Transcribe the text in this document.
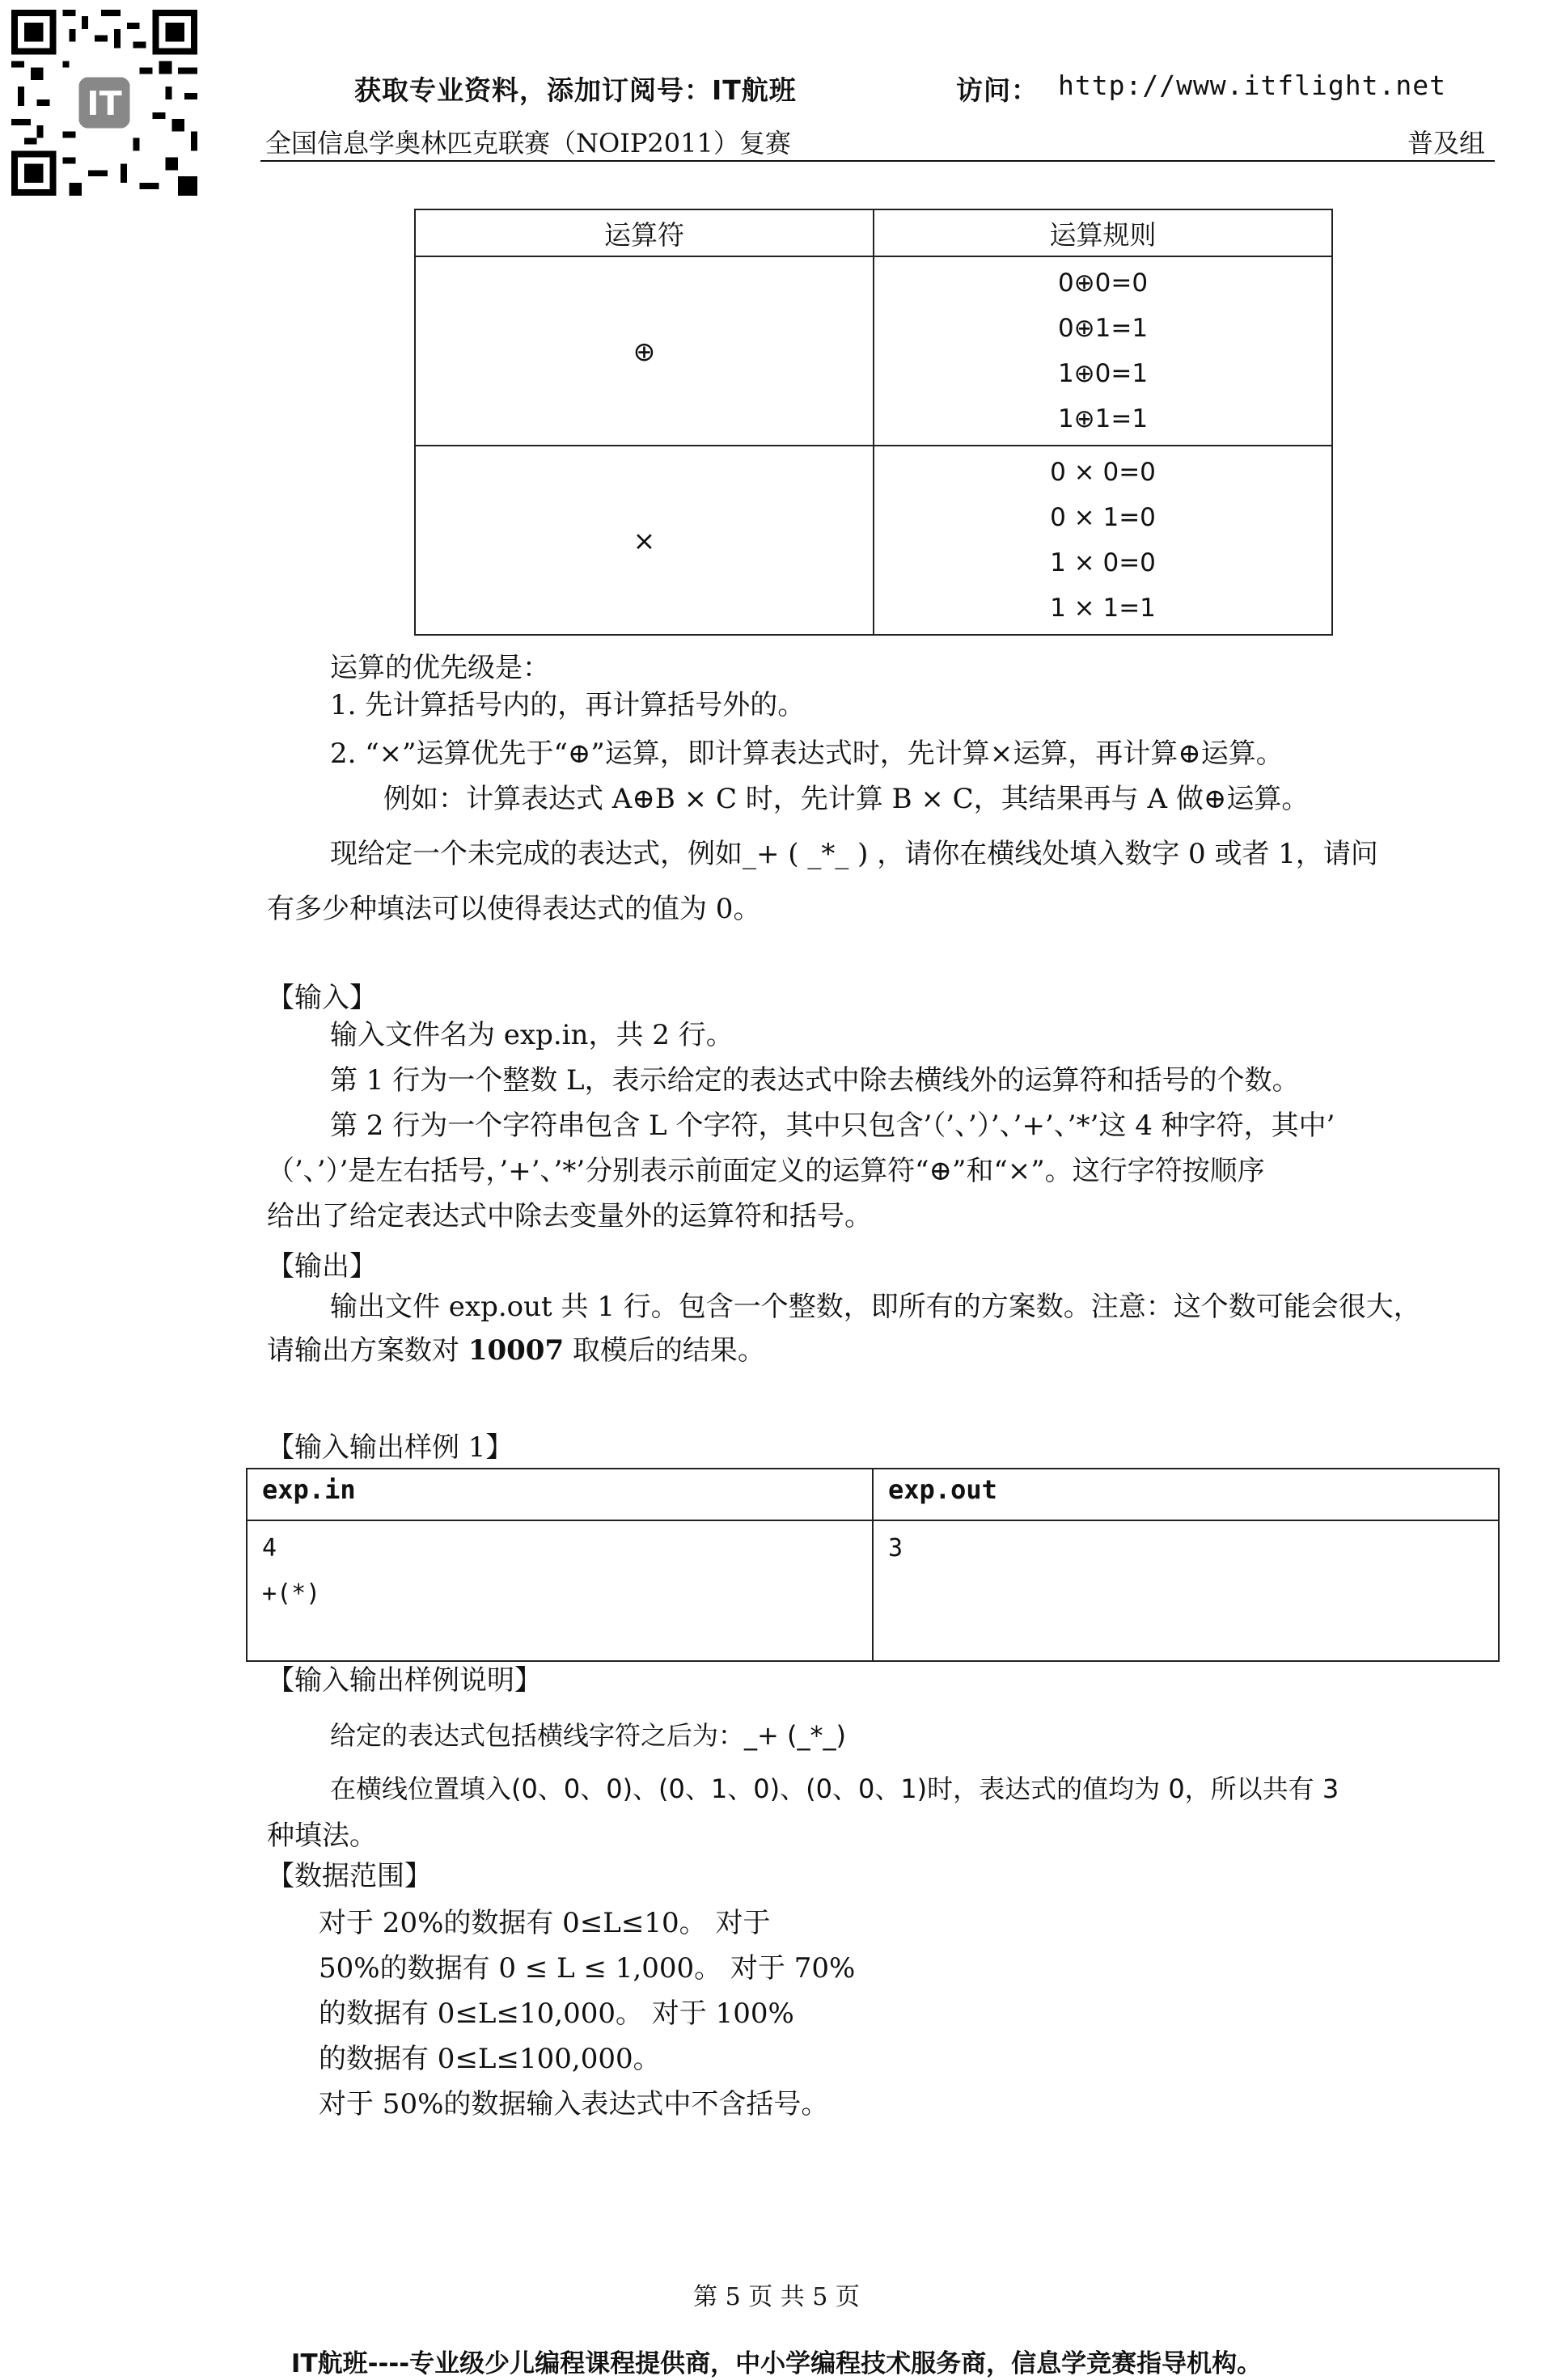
IT	获取专业资料，添加订阅号：IT航班	访问： http://www.itflight.net
全国信息学奥林匹克联赛（NOIP2011）复赛	普及组
运算符	运算规则
⊕	0⊕0=0
0⊕1=1
1⊕0=1
1⊕1=1

×	0 × 0=0
0 × 1=0
1 × 0=0
1 × 1=1
运算的优先级是：
1. 先计算括号内的，再计算括号外的。
2. “×”运算优先于“⊕”运算，即计算表达式时，先计算×运算，再计算⊕运算。
例如：计算表达式 A⊕B × C 时，先计算 B × C，其结果再与 A 做⊕运算。
现给定一个未完成的表达式，例如_+ ( _*_ ) ，请你在横线处填入数字 0 或者 1，请问
有多少种填法可以使得表达式的值为 0。
【输入】
输入文件名为 exp.in，共 2 行。
第 1 行为一个整数 L，表示给定的表达式中除去横线外的运算符和括号的个数。
第 2 行为一个字符串包含 L 个字符，其中只包含’（’、’）’、’+’、’*’这 4 种字符，其中’
（’、’）’是左右括号，’+’、’*’分别表示前面定义的运算符“⊕”和“×”。这行字符按顺序
给出了给定表达式中除去变量外的运算符和括号。
【输出】
输出文件 exp.out 共 1 行。包含一个整数，即所有的方案数。注意：这个数可能会很大，
请输出方案数对 10007 取模后的结果。
【输入输出样例 1】
exp.in	exp.out

4
+(*)	3
【输入输出样例说明】
给定的表达式包括横线字符之后为：_+ (_*_)
在横线位置填入(0、0、0)、(0、1、0)、(0、0、1)时，表达式的值均为 0，所以共有 3
种填法。
【数据范围】
对于 20%的数据有 0≤L≤10。 对于
50%的数据有 0 ≤ L ≤ 1,000。 对于 70%
的数据有 0≤L≤10,000。 对于 100%
的数据有 0≤L≤100,000。
对于 50%的数据输入表达式中不含括号。
第 5 页 共 5 页
IT航班----专业级少儿编程课程提供商，中小学编程技术服务商，信息学竞赛指导机构。
